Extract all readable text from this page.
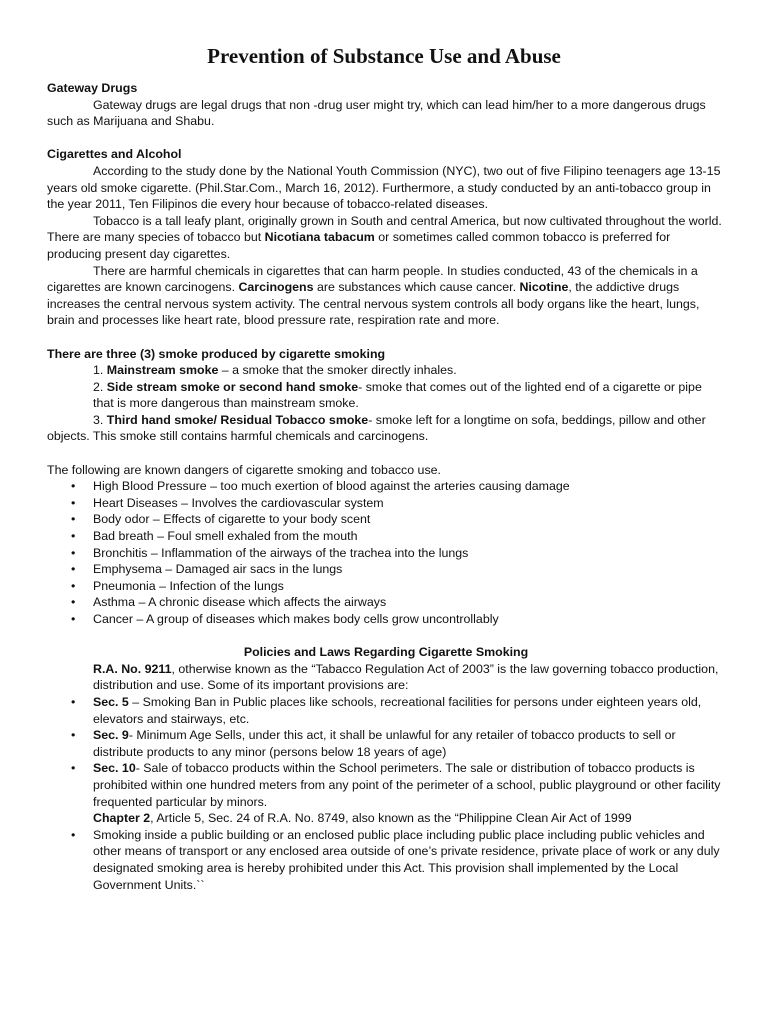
Prevention of Substance Use and Abuse

Gateway Drugs

Gateway drugs are legal drugs that non -drug user might try, which can lead him/her to a more dangerous drugs such as Marijuana and Shabu.

Cigarettes and Alcohol

According to the study done by the National Youth Commission (NYC), two out of five Filipino teenagers age 13-15 years old smoke cigarette. (Phil.Star.Com., March 16, 2012). Furthermore, a study conducted by an anti-tobacco group in the year 2011, Ten Filipinos die every hour because of tobacco-related diseases.

Tobacco is a tall leafy plant, originally grown in South and central America, but now cultivated throughout the world. There are many species of tobacco but Nicotiana tabacum or sometimes called common tobacco is preferred for producing present day cigarettes.

There are harmful chemicals in cigarettes that can harm people. In studies conducted, 43 of the chemicals in a cigarettes are known carcinogens. Carcinogens are substances which cause cancer. Nicotine, the addictive drugs increases the central nervous system activity. The central nervous system controls all body organs like the heart, lungs, brain and processes like heart rate, blood pressure rate, respiration rate and more.

There are three (3) smoke produced by cigarette smoking

1. Mainstream smoke – a smoke that the smoker directly inhales.

2. Side stream smoke or second hand smoke- smoke that comes out of the lighted end of a cigarette or pipe that is more dangerous than mainstream smoke.

3. Third hand smoke/ Residual Tobacco smoke- smoke left for a longtime on sofa, beddings, pillow and other objects. This smoke still contains harmful chemicals and carcinogens.

The following are known dangers of cigarette smoking and tobacco use.

• High Blood Pressure – too much exertion of blood against the arteries causing damage
• Heart Diseases – Involves the cardiovascular system
• Body odor – Effects of cigarette to your body scent
• Bad breath – Foul smell exhaled from the mouth
• Bronchitis – Inflammation of the airways of the trachea into the lungs
• Emphysema – Damaged air sacs in the lungs
• Pneumonia – Infection of the lungs
• Asthma – A chronic disease which affects the airways
• Cancer – A group of diseases which makes body cells grow uncontrollably

Policies and Laws Regarding Cigarette Smoking

R.A. No. 9211, otherwise known as the “Tabacco Regulation Act of 2003” is the law governing tobacco production, distribution and use. Some of its important provisions are:

• Sec. 5 – Smoking Ban in Public places like schools, recreational facilities for persons under eighteen years old, elevators and stairways, etc.
• Sec. 9- Minimum Age Sells, under this act, it shall be unlawful for any retailer of tobacco products to sell or distribute products to any minor (persons below 18 years of age)
• Sec. 10- Sale of tobacco products within the School perimeters. The sale or distribution of tobacco products is prohibited within one hundred meters from any point of the perimeter of a school, public playground or other facility frequented particular by minors.

Chapter 2, Article 5, Sec. 24 of R.A. No. 8749, also known as the “Philippine Clean Air Act of 1999

• Smoking inside a public building or an enclosed public place including public place including public vehicles and other means of transport or any enclosed area outside of one’s private residence, private place of work or any duly designated smoking area is hereby prohibited under this Act. This provision shall implemented by the Local Government Units.``
